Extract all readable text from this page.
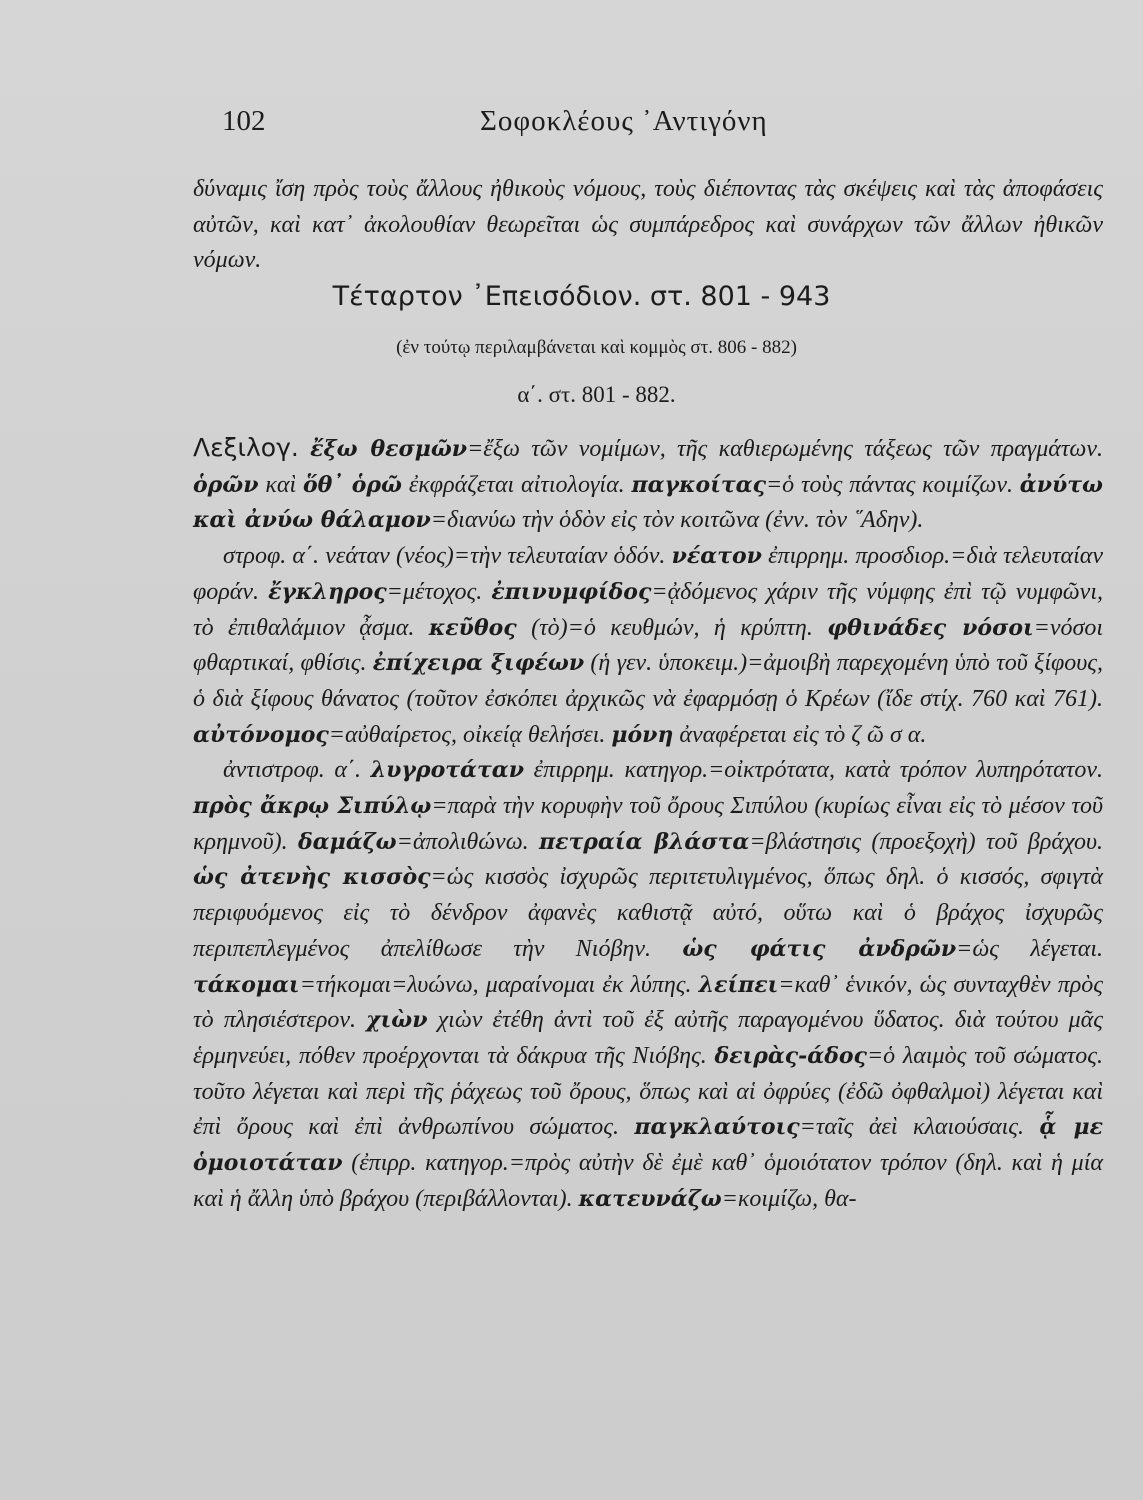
102	Σοφοκλέους ᾿Αντιγόνη

δύναμις ἴση πρὸς τοὺς ἄλλους ἠθικοὺς νόμους, τοὺς διέποντας τὰς σκέψεις καὶ τὰς ἀποφάσεις αὐτῶν, καὶ κατ᾿ ἀκολουθίαν θεωρεῖται ὡς συμπάρεδρος καὶ συνάρχων τῶν ἄλλων ἠθικῶν νόμων.

Τέταρτον ᾿Επεισόδιον. στ. 801 - 943
(ἐν τούτῳ περιλαμβάνεται καὶ κομμὸς στ. 806 - 882)
α΄. στ. 801 - 882.

Λεξιλογ. ἔξω θεσμῶν=ἔξω τῶν νομίμων, τῆς καθιερωμένης τάξεως τῶν πραγμάτων. ὁρῶν καὶ ὅθ᾿ ὁρῶ ἐκφράζεται αἰτιολογία. παγκοίτας=ὁ τοὺς πάντας κοιμίζων. ἀνύτω καὶ ἀνύω θάλαμον=διανύω τὴν ὁδὸν εἰς τὸν κοιτῶνα (ἐνν. τὸν ῞Αδην).

στροφ. α΄. νεάταν (νέος)=τὴν τελευταίαν ὁδόν. νέατον ἐπιρρημ. προσδιορ.=διὰ τελευταίαν φοράν. ἔγκληρος=μέτοχος. ἐπινυμφίδος=ᾀδόμενος χάριν τῆς νύμφης ἐπὶ τῷ νυμφῶνι, τὸ ἐπιθαλάμιον ᾆσμα. κεῦθος (τὸ)=ὁ κευθμών, ἡ κρύπτη. φθινάδες νόσοι=νόσοι φθαρτικαί, φθίσις. ἐπίχειρα ξιφέων (ἡ γεν. ὑποκειμ.)=ἀμοιβὴ παρεχομένη ὑπὸ τοῦ ξίφους, ὁ διὰ ξίφους θάνατος (τοῦτον ἐσκόπει ἀρχικῶς νὰ ἐφαρμόσῃ ὁ Κρέων (ἴδε στίχ. 760 καὶ 761). αὐτόνομος=αὐθαίρετος, οἰκείᾳ θελήσει. μόνη ἀναφέρεται εἰς τὸ ζ ῶ σ α.

ἀντιστροφ. α΄. λυγροτάταν ἐπιρρημ. κατηγορ.=οἰκτρότατα, κατὰ τρόπον λυπηρότατον. πρὸς ἄκρῳ Σιπύλῳ=παρὰ τὴν κορυφὴν τοῦ ὄρους Σιπύλου (κυρίως εἶναι εἰς τὸ μέσον τοῦ κρημνοῦ). δαμάζω=ἀπολιθώνω. πετραία βλάστα=βλάστησις (προεξοχὴ) τοῦ βράχου. ὡς ἀτενὴς κισσὸς=ὡς κισσὸς ἰσχυρῶς περιτετυλιγμένος, ὅπως δηλ. ὁ κισσός, σφιγτὰ περιφυόμενος εἰς τὸ δένδρον ἀφανὲς καθιστᾷ αὐτό, οὕτω καὶ ὁ βράχος ἰσχυρῶς περιπεπλεγμένος ἀπελίθωσε τὴν Νιόβην. ὡς φάτις ἀνδρῶν=ὡς λέγεται. τάκομαι=τήκομαι=λυώνω, μαραίνομαι ἐκ λύπης. λείπει=καθ᾿ ἑνικόν, ὡς συνταχθὲν πρὸς τὸ πλησιέστερον. χιὼν χιὼν ἐτέθη ἀντὶ τοῦ ἐξ αὐτῆς παραγομένου ὕδατος. διὰ τούτου μᾶς ἑρμηνεύει, πόθεν προέρχονται τὰ δάκρυα τῆς Νιόβης. δειρὰς-άδος=ὁ λαιμὸς τοῦ σώματος. τοῦτο λέγεται καὶ περὶ τῆς ῥάχεως τοῦ ὄρους, ὅπως καὶ αἱ ὀφρύες (ἐδῶ ὀφθαλμοὶ) λέγεται καὶ ἐπὶ ὄρους καὶ ἐπὶ ἀνθρωπίνου σώματος. παγκλαύτοις=ταῖς ἀεὶ κλαιούσαις. ᾇ με ὁμοιοτάταν (ἐπιρρ. κατηγορ.=πρὸς αὐτὴν δὲ ἐμὲ καθ᾿ ὁμοιότατον τρόπον (δηλ. καὶ ἡ μία καὶ ἡ ἄλλη ὑπὸ βράχου (περιβάλλονται). κατευνάζω=κοιμίζω, θα-
